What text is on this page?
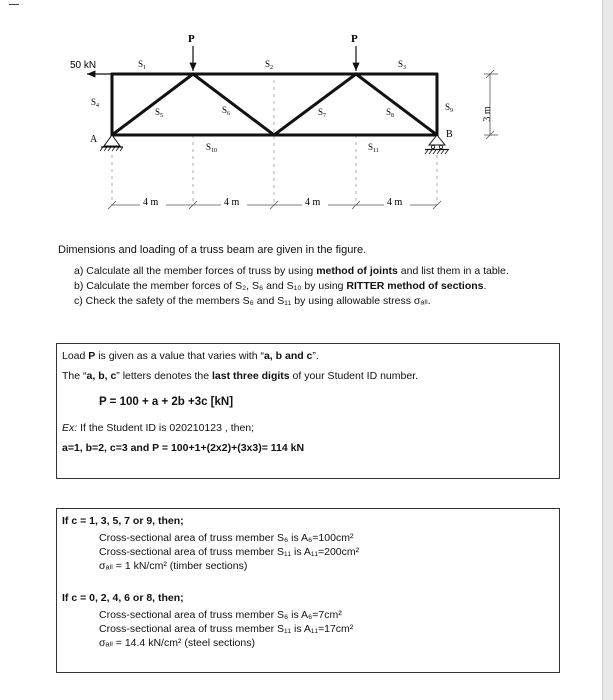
P	P
50 kN	$S_1$	$S_2$	$S_3$
$S_4$
$S_5$
$S_6$	$S_7$	$S_8$
$S_9$
$S_{10}$	$S_{11}$
A	B
3 m
4 m	4 m	4 m	4 m
Dimensions and loading of a truss beam are given in the figure.
a) Calculate all the member forces of truss by using method of joints and list them in a table.
b) Calculate the member forces of S₂, S₆ and S₁₀ by using RITTER method of sections.
c) Check the safety of the members S₆ and S₁₁ by using allowable stress σₐₗₗ.
Load P is given as a value that varies with “a, b and c”.
The “a, b, c” letters denotes the last three digits of your Student ID number.
P = 100 + a + 2b +3c [kN]
Ex: If the Student ID is 020210123 , then;
a=1, b=2, c=3 and P = 100+1+(2x2)+(3x3)= 114 kN
If c = 1, 3, 5, 7 or 9, then;
Cross-sectional area of truss member S₆ is A₆=100cm²
Cross-sectional area of truss member S₁₁ is A₁₁=200cm²
σₐₗₗ = 1 kN/cm² (timber sections)
If c = 0, 2, 4, 6 or 8, then;
Cross-sectional area of truss member S₆ is A₆=7cm²
Cross-sectional area of truss member S₁₁ is A₁₁=17cm²
σₐₗₗ = 14.4 kN/cm² (steel sections)
